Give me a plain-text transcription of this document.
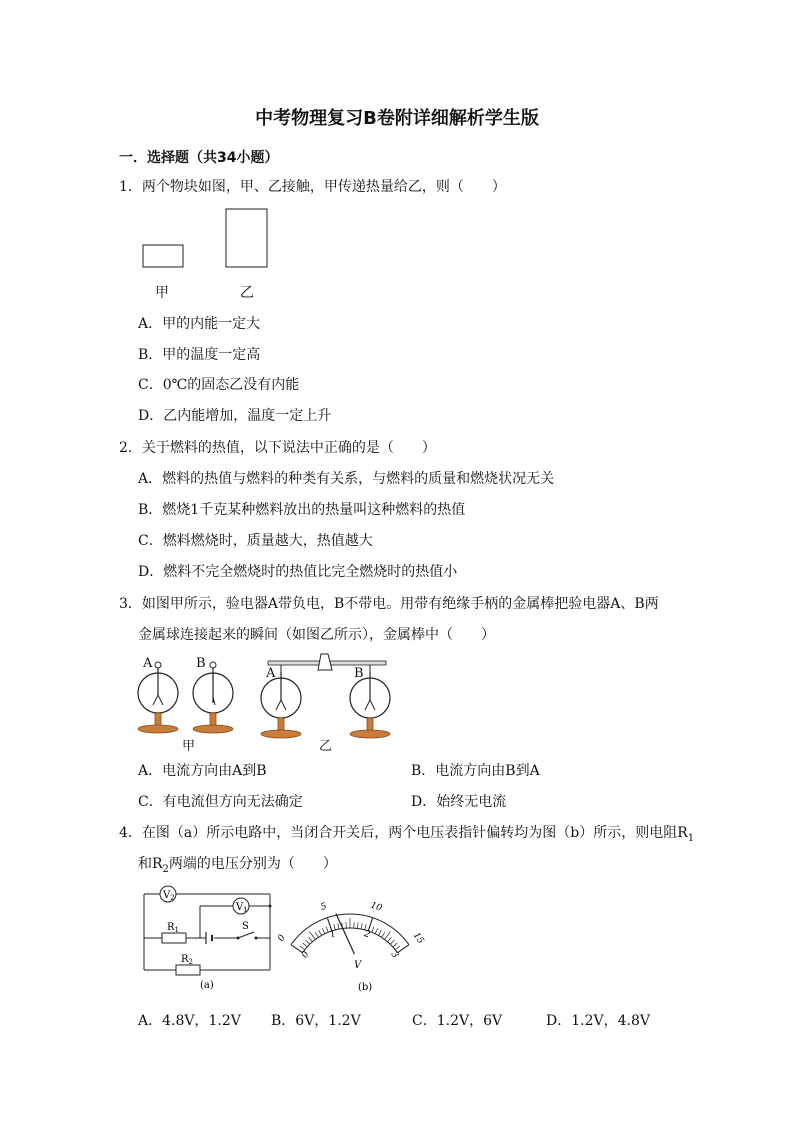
中考物理复习B卷附详细解析学生版
一．选择题（共34小题）
1．两个物块如图，甲、乙接触，甲传递热量给乙，则（　　）
甲	乙
A．甲的内能一定大
B．甲的温度一定高
C．0℃的固态乙没有内能
D．乙内能增加，温度一定上升
2．关于燃料的热值，以下说法中正确的是（　　）
A．燃料的热值与燃料的种类有关系，与燃料的质量和燃烧状况无关
B．燃烧1千克某种燃料放出的热量叫这种燃料的热值
C．燃料燃烧时，质量越大，热值越大
D．燃料不完全燃烧时的热值比完全燃烧时的热值小
3．如图甲所示，验电器A带负电，B不带电。用带有绝缘手柄的金属棒把验电器A、B两
金属球连接起来的瞬间（如图乙所示），金属棒中（　　）
A	B
A	B
甲	乙
A．电流方向由A到B	B．电流方向由B到A
C．有电流但方向无法确定	D．始终无电流
4．在图（a）所示电路中，当闭合开关后，两个电压表指针偏转均为图（b）所示，则电阻$R_1$
和$R_2$两端的电压分别为（　　）
$V_2$
$V_1$
$R_1$
$R_2$
S
(a)
0
5	10
15
0
1	2
3
V
(b)
A．4.8V，1.2V B．6V，1.2V	C．1.2V，6V	D．1.2V，4.8V
